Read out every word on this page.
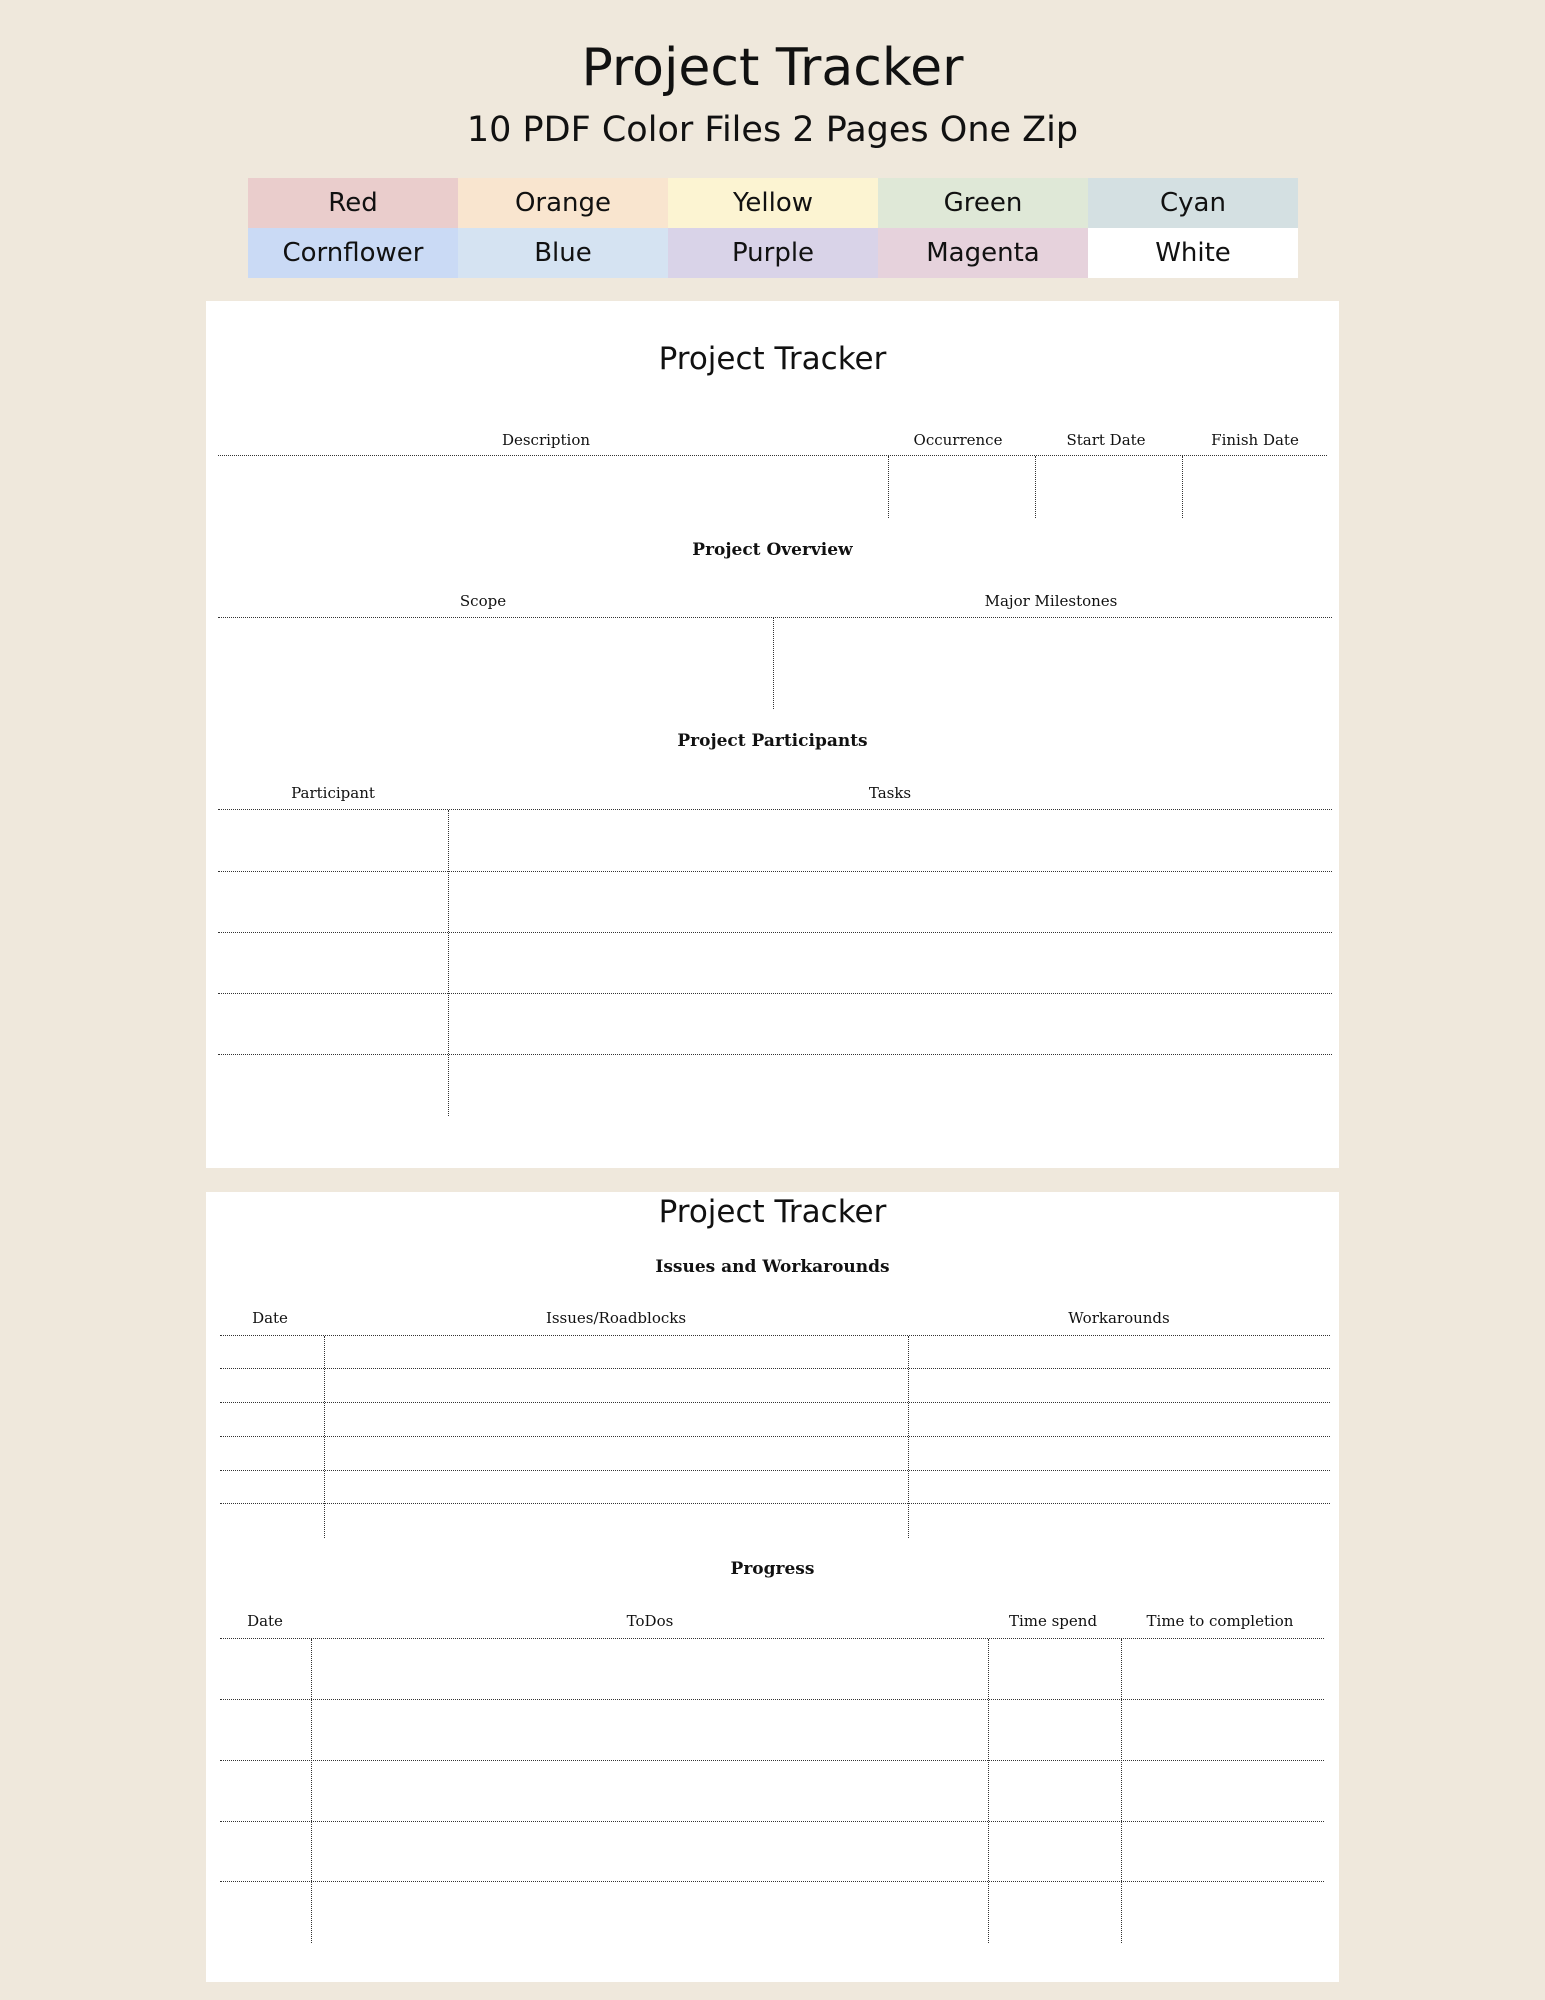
Project Tracker
10 PDF Color Files 2 Pages One Zip
Red	Orange	Yellow	Green	Cyan
Cornflower	Blue	Purple	Magenta	White
Project Tracker
Description	Occurrence	Start Date	Finish Date
Project Overview
Scope	Major Milestones
Project Participants
Participant	Tasks
Project Tracker
Issues and Workarounds
Date	Issues/Roadblocks	Workarounds
Progress
Date	ToDos	Time spend	Time to completion
